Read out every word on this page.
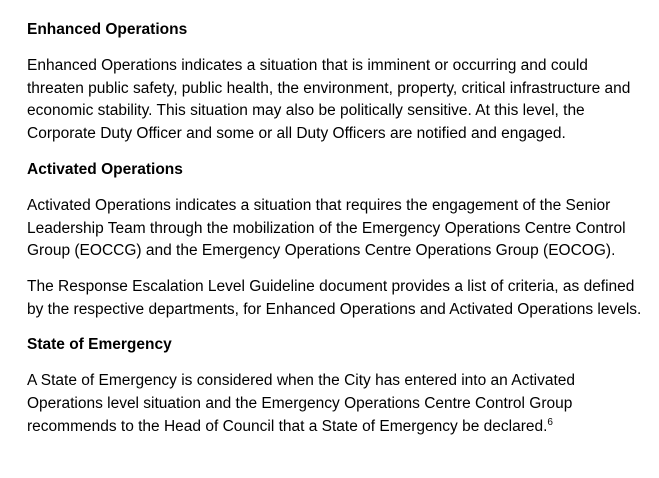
Enhanced Operations

Enhanced Operations indicates a situation that is imminent or occurring and could threaten public safety, public health, the environment, property, critical infrastructure and economic stability. This situation may also be politically sensitive. At this level, the Corporate Duty Officer and some or all Duty Officers are notified and engaged.

Activated Operations

Activated Operations indicates a situation that requires the engagement of the Senior Leadership Team through the mobilization of the Emergency Operations Centre Control Group (EOCCG) and the Emergency Operations Centre Operations Group (EOCOG).

The Response Escalation Level Guideline document provides a list of criteria, as defined by the respective departments, for Enhanced Operations and Activated Operations levels.

State of Emergency

A State of Emergency is considered when the City has entered into an Activated Operations level situation and the Emergency Operations Centre Control Group recommends to the Head of Council that a State of Emergency be declared.$^6$
